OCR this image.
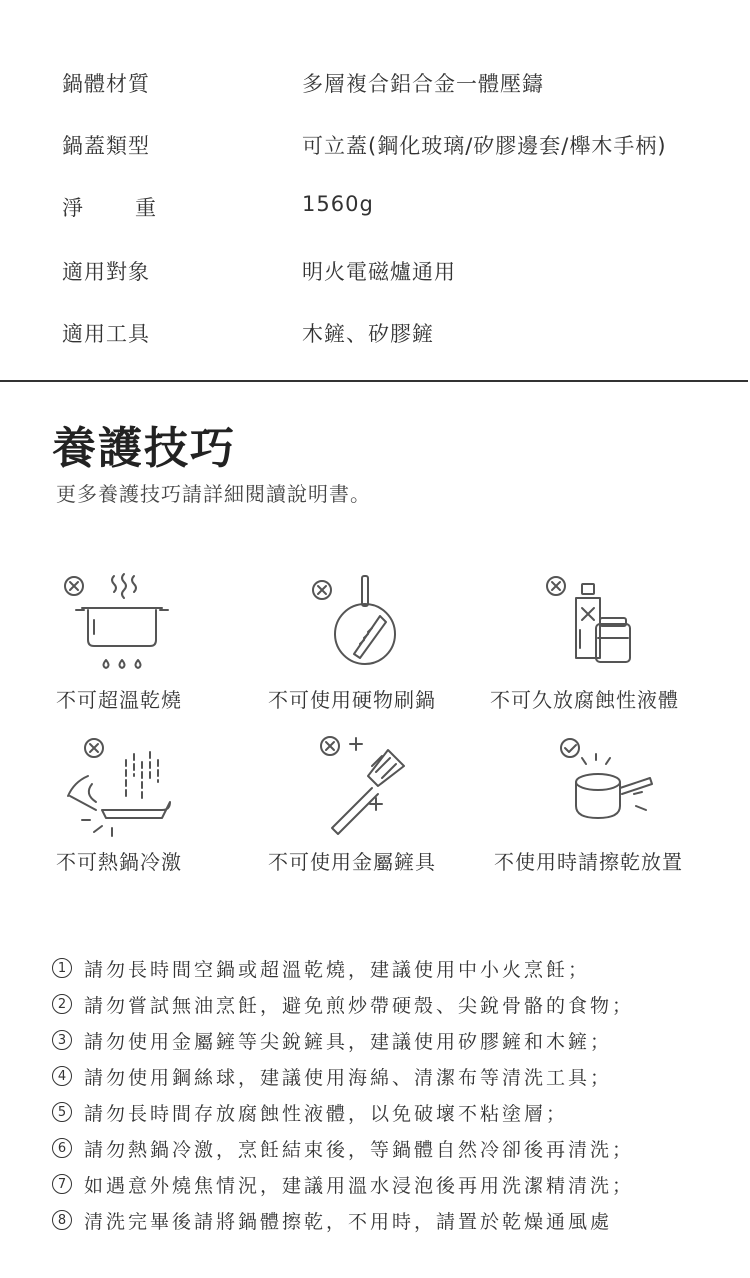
鍋體材質	多層複合鋁合金一體壓鑄
鍋蓋類型	可立蓋(鋼化玻璃/矽膠邊套/櫸木手柄)
淨 重	1560g
適用對象	明火電磁爐通用
適用工具	木鏟、矽膠鏟
養護技巧
更多養護技巧請詳細閱讀說明書。
不可超溫乾燒	不可使用硬物刷鍋	不可久放腐蝕性液體
不可熱鍋冷激	不可使用金屬鏟具	不使用時請擦乾放置
1 請勿長時間空鍋或超溫乾燒，建議使用中小火烹飪；
2 請勿嘗試無油烹飪，避免煎炒帶硬殼、尖銳骨骼的食物；
3 請勿使用金屬鏟等尖銳鏟具，建議使用矽膠鏟和木鏟；
4 請勿使用鋼絲球，建議使用海綿、清潔布等清洗工具；
5 請勿長時間存放腐蝕性液體，以免破壞不粘塗層；
6 請勿熱鍋冷激，烹飪結束後，等鍋體自然冷卻後再清洗；
7 如遇意外燒焦情況，建議用溫水浸泡後再用洗潔精清洗；
8 清洗完畢後請將鍋體擦乾，不用時，請置於乾燥通風處
